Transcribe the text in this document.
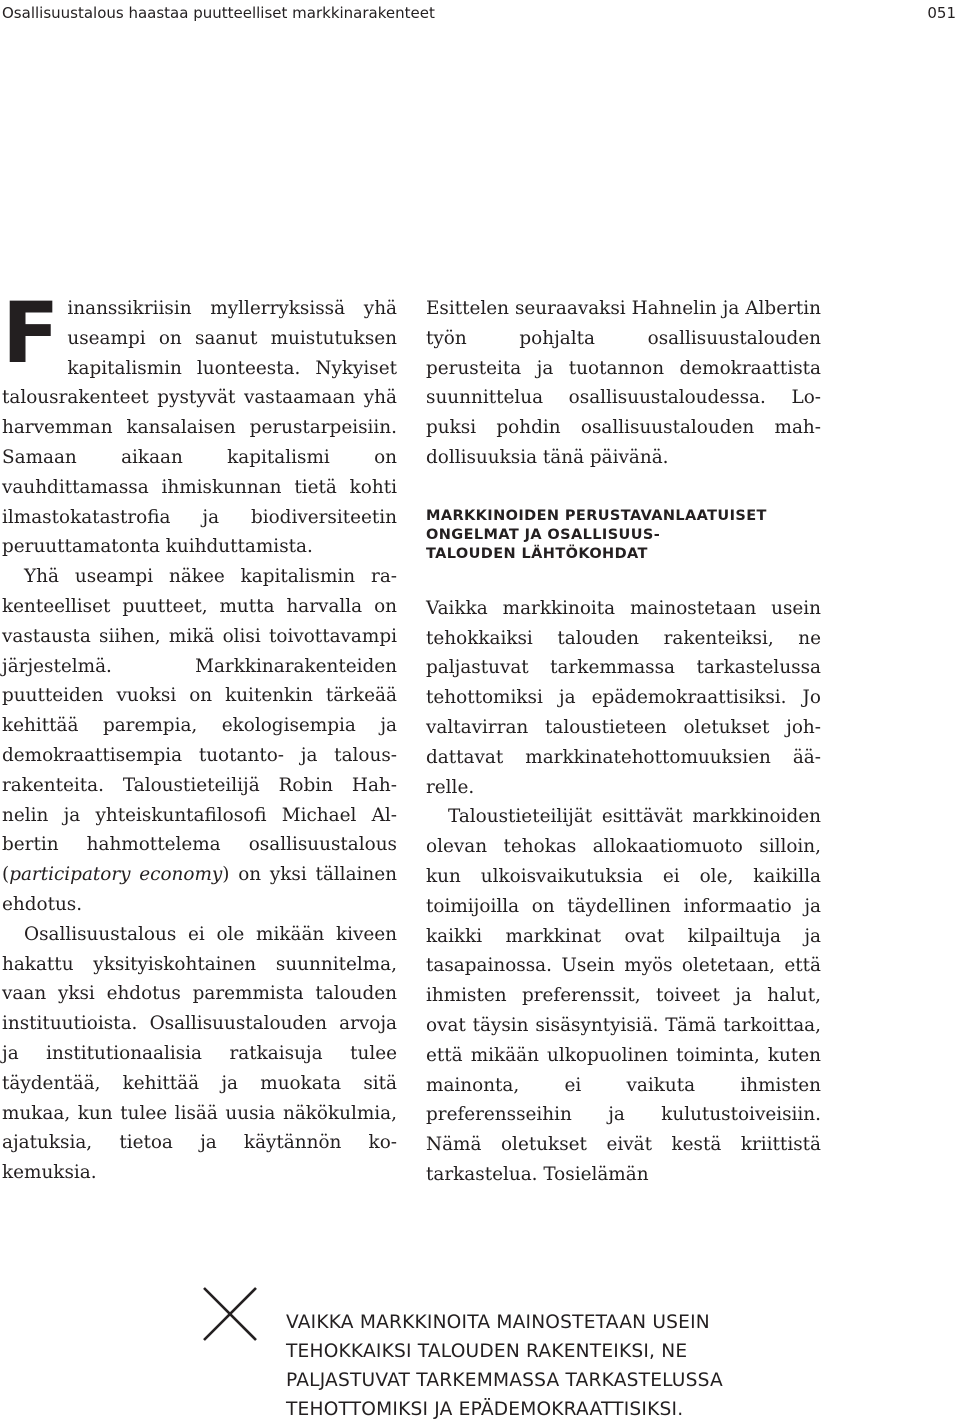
Osallisuustalous haastaa puutteelliset markkinarakenteet	051

Finanssikriisin myllerryksissä yhä useampi on saanut muistutuksen kapitalismin luonteesta. Nykyiset talousrakenteet pystyvät vastaamaan yhä harvemman kansalaisen perustarpeisiin. Samaan aikaan kapitalismi on vauhdittamassa ihmiskunnan tietä kohti ilmastokatastrofia ja biodiversiteetin peruuttamatonta kuihduttamista.

Yhä useampi näkee kapitalismin rakenteelliset puutteet, mutta harvalla on vastausta siihen, mikä olisi toivottavampi järjestelmä. Markkinarakenteiden puutteiden vuoksi on kuitenkin tärkeää kehittää parempia, ekologisempia ja demokraattisempia tuotanto- ja talousrakenteita. Taloustieteilijä Robin Hahnelin ja yhteiskuntafilosofi Michael Albertin hahmottelema osallisuustalous (participatory economy) on yksi tällainen ehdotus.

Osallisuustalous ei ole mikään kiveen hakattu yksityiskohtainen suunnitelma, vaan yksi ehdotus paremmista talouden instituutioista. Osallisuustalouden arvoja ja institutionaalisia ratkaisuja tulee täydentää, kehittää ja muokata sitä mukaa, kun tulee lisää uusia näkökulmia, ajatuksia, tietoa ja käytännön kokemuksia.

Esittelen seuraavaksi Hahnelin ja Albertin työn pohjalta osallisuustalouden perusteita ja tuotannon demokraattista suunnittelua osallisuustaloudessa. Lopuksi pohdin osallisuustalouden mahdollisuuksia tänä päivänä.

MARKKINOIDEN PERUSTAVANLAATUISET
ONGELMAT JA OSALLISUUS-
TALOUDEN LÄHTÖKOHDAT

Vaikka markkinoita mainostetaan usein tehokkaiksi talouden rakenteiksi, ne paljastuvat tarkemmassa tarkastelussa tehottomiksi ja epädemokraattisiksi. Jo valtavirran taloustieteen oletukset johdattavat markkinatehottomuuksien äärelle.

Taloustieteilijät esittävät markkinoiden olevan tehokas allokaatiomuoto silloin, kun ulkoisvaikutuksia ei ole, kaikilla toimijoilla on täydellinen informaatio ja kaikki markkinat ovat kilpailtuja ja tasapainossa. Usein myös oletetaan, että ihmisten preferenssit, toiveet ja halut, ovat täysin sisäsyntyisiä. Tämä tarkoittaa, että mikään ulkopuolinen toiminta, kuten mainonta, ei vaikuta ihmisten preferensseihin ja kulutustoiveisiin. Nämä oletukset eivät kestä kriittistä tarkastelua. Tosielämän

VAIKKA MARKKINOITA MAINOSTETAAN USEIN
TEHOKKAIKSI TALOUDEN RAKENTEIKSI, NE
PALJASTUVAT TARKEMMASSA TARKASTELUSSA
TEHOTTOMIKSI JA EPÄDEMOKRAATTISIKSI.
